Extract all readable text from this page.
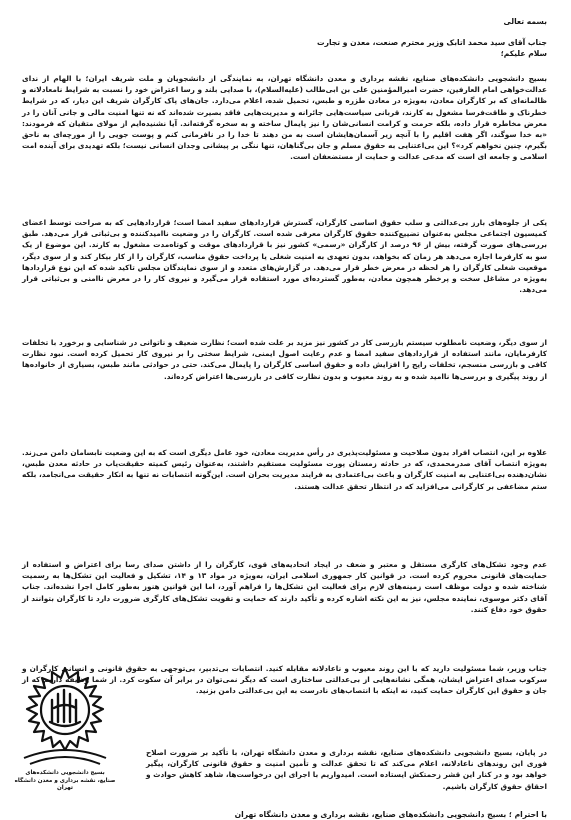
بسمه تعالی
جناب آقای سید محمد اتابک وزیر محترم صنعت، معدن و تجارت
سلام علیکم؛

بسیج دانشجویی دانشکده‌های صنایع، نقشه برداری و معدن دانشگاه تهران، به نمایندگی از دانشجویان و ملت شریف ایران؛ با الهام از ندای عدالت‌خواهی امام العارفین، حضرت امیرالمؤمنین علی بن ابی‌طالب (علیه‌السلام)، با صدایی بلند و رسا اعتراض خود را نسبت به شرایط نامعادلانه و ظالمانه‌ای که بر کارگران معادن، به‌ویژه در معادن طزره و طبس، تحمیل شده، اعلام می‌دارد. جان‌های پاک کارگران شریف این دیار، که در شرایط خطرناک و طاقت‌فرسا مشغول به کارند، قربانی سیاست‌هایی جائرانه و مدیریت‌هایی فاقد بصیرت شده‌اند که نه تنها امنیت مالی و جانی آنان را در معرض مخاطره قرار داده، بلکه حرمت و کرامت انسانی‌شان را نیز پایمال ساخته و به سخره گرفته‌اند. آیا نشنیده‌ایم از مولای متقیان که فرمودند: «به خدا سوگند، اگر هفت اقلیم را با آنچه زیر آسمان‌هایشان است به من دهند تا خدا را در نافرمانی کنم و پوست جویی را از مورچه‌ای به ناحق بگیرم، چنین نخواهم کرد»؟ این بی‌اعتنایی به حقوق مسلم و جان بی‌گناهان، تنها ننگی بر پیشانی وجدان انسانی نیست؛ بلکه تهدیدی برای آینده امت اسلامی و جامعه ای است که مدعی عدالت و حمایت از مستضعفان است.

یکی از جلوه‌های بارز بی‌عدالتی و سلب حقوق اساسی کارگران، گسترش قراردادهای سفید امضا است؛ قراردادهایی که به صراحت توسط اعضای کمیسیون اجتماعی مجلس به‌عنوان تضییع‌کننده حقوق کارگران معرفی شده است. کارگران را در وضعیت ناامیدکننده و بی‌ثباتی قرار می‌دهد. طبق بررسی‌های صورت گرفته، بیش از ۹۶ درصد از کارگران «رسمی» کشور نیز با قراردادهای موقت و کوتاه‌مدت مشغول به کارند. این موضوع از یک سو به کارفرما اجازه می‌دهد هر زمان که بخواهد، بدون تعهدی به امنیت شغلی یا پرداخت حقوق مناسب، کارگران را از کار بیکار کند و از سوی دیگر، موقعیت شغلی کارگران را هر لحظه در معرض خطر قرار می‌دهد. در گزارش‌های متعدد و از سوی نمایندگان مجلس تاکید شده که این نوع قراردادها به‌ویژه در مشاغل سخت و پرخطر همچون معادن، به‌طور گسترده‌ای مورد استفاده قرار می‌گیرد و نیروی کار را در معرض ناامنی و بی‌ثباتی قرار می‌دهد.

از سوی دیگر، وضعیت نامطلوب سیستم بازرسی کار در کشور نیز مزید بر علت شده است؛ نظارت ضعیف و ناتوانی در شناسایی و برخورد با تخلفات کارفرمایان، مانند استفاده از قراردادهای سفید امضا و عدم رعایت اصول ایمنی، شرایط سختی را بر نیروی کار تحمیل کرده است. نبود نظارت کافی و بازرسی منسجم، تخلفات رایج را افزایش داده و حقوق اساسی کارگران را پایمال می‌کند. حتی در حوادثی مانند طبس، بسیاری از خانواده‌ها از روند پیگیری و بررسی‌ها ناامید شده و به روند معیوب و بدون نظارت کافی در بازرسی‌ها اعتراض کرده‌اند.

علاوه بر این، انتصاب افراد بدون صلاحیت و مسئولیت‌پذیری در رأس مدیریت معادن، خود عامل دیگری است که به این وضعیت نابسامان دامن می‌زند. به‌ویژه انتصاب آقای صدرمحمدی، که در حادثه زمستان پورت مسئولیت مستقیم داشتند، به‌عنوان رئیس کمیته حقیقت‌یاب در حادثه معدن طبس، نشان‌دهنده بی‌اعتنایی به امنیت کارگران و باعث بی‌اعتمادی به فرایند مدیریت بحران است. این‌گونه انتصابات نه تنها به انکار حقیقت می‌انجامد، بلکه ستم مضاعفی بر کارگرانی می‌افزاید که در انتظار تحقق عدالت هستند.

عدم وجود تشکل‌های کارگری مستقل و معتبر و ضعف در ایجاد اتحادیه‌های قوی، کارگران را از داشتن صدای رسا برای اعتراض و استفاده از حمایت‌های قانونی محروم کرده است. در قوانین کار جمهوری اسلامی ایران، به‌ویژه در مواد ۱۳ و ۱۴، تشکیل و فعالیت این تشکل‌ها به رسمیت شناخته شده و دولت موظف است زمینه‌های لازم برای فعالیت این تشکل‌ها را فراهم آورد، اما این قوانین هنوز به‌طور کامل اجرا نشده‌اند. جناب آقای دکتر موسوی، نماینده مجلس، نیز به این نکته اشاره کرده و تأکید دارند که حمایت و تقویت تشکل‌های کارگری ضرورت دارد تا کارگران بتوانند از حقوق خود دفاع کنند.

جناب وزیر، شما مسئولیت دارید که با این روند معیوب و ناعادلانه مقابله کنید. انتصابات بی‌تدبیر، بی‌توجهی به حقوق قانونی و انسانی کارگران و سرکوب صدای اعتراض ایشان، همگی نشانه‌هایی از بی‌عدالتی ساختاری است که دیگر نمی‌توان در برابر آن سکوت کرد. از شما وظیفه داریم که از جان و حقوق این کارگران حمایت کنید، نه اینکه با انتصاب‌های نادرست به این بی‌عدالتی دامن بزنید.

در پایان، بسیج دانشجویی دانشکده‌های صنایع، نقشه برداری و معدن دانشگاه تهران، با تأکید بر ضرورت اصلاح فوری این روندهای ناعادلانه، اعلام می‌کند که تا تحقق عدالت و تأمین امنیت و حقوق قانونی کارگران، پیگیر خواهد بود و در کنار این قشر زحمتکش ایستاده است. امیدواریم با اجرای این درخواست‌ها، شاهد کاهش حوادث و احقاق حقوق کارگران باشیم.

با احترام ؛ بسیج دانشجویی دانشکده‌های صنایع، نقشه برداری و معدن دانشگاه تهران
بسیج دانشجویی دانشکده‌های
صنایع، نقشه برداری و معدن دانشگاه تهران
